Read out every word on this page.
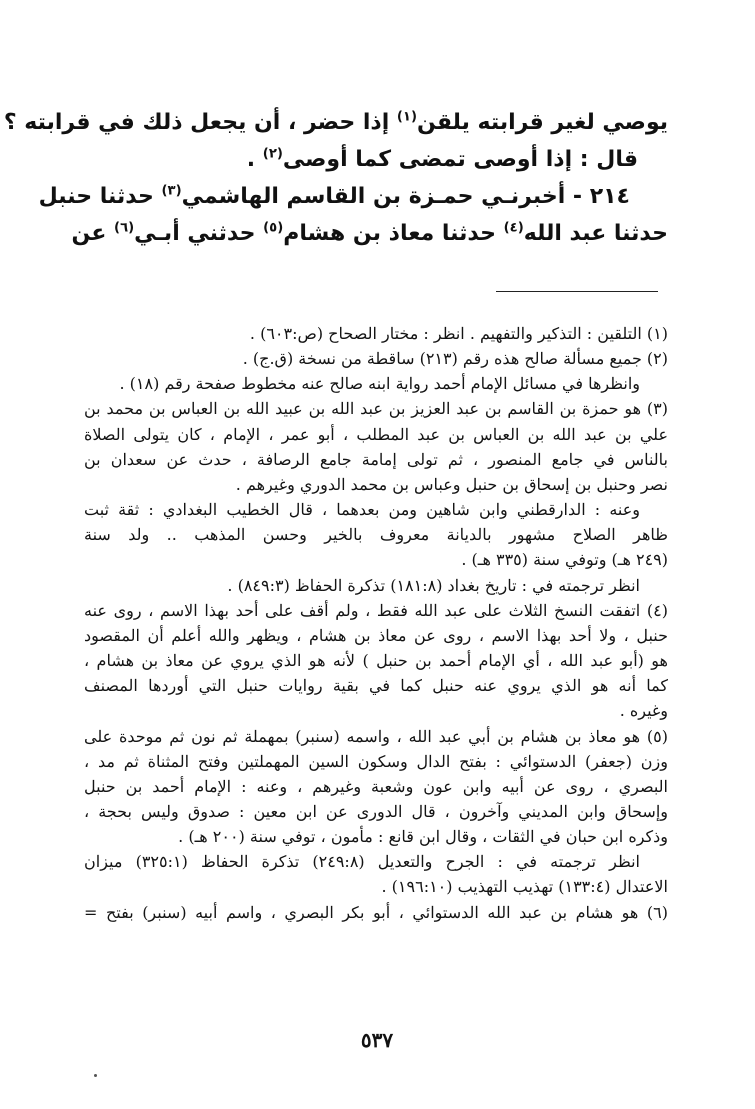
يوصي لغير قرابته يلقن$^{(١)}$ إذا حضر ، أن يجعل ذلك في قرابته ؟

قال : إذا أوصى تمضى كما أوصى$^{(٢)}$ .

٢١٤ - أخبرنـي حمـزة بن القاسم الهاشمي$^{(٣)}$ حدثنا حنبل

حدثنا عبد الله$^{(٤)}$ حدثنا معاذ بن هشام$^{(٥)}$ حدثني أبـي$^{(٦)}$ عن

(١) التلقين : التذكير والتفهيم . انظر : مختار الصحاح (ص:٦٠٣) .

(٢) جميع مسألة صالح هذه رقم (٢١٣) ساقطة من نسخة (ق.ج) .

وانظرها في مسائل الإمام أحمد رواية ابنه صالح عنه مخطوط صفحة رقم (١٨) .

(٣) هو حمزة بن القاسم بن عبد العزيز بن عبد الله بن عبيد الله بن العباس بن محمد بن

علي بن عبد الله بن العباس بن عبد المطلب ، أبو عمر ، الإمام ، كان يتولى الصلاة

بالناس في جامع المنصور ، ثم تولى إمامة جامع الرصافة ، حدث عن سعدان بن

نصر وحنبل بن إسحاق بن حنبل وعباس بن محمد الدوري وغيرهم .

وعنه : الدارقطني وابن شاهين ومن بعدهما ، قال الخطيب البغدادي : ثقة ثبت

ظاهر الصلاح مشهور بالديانة معروف بالخير وحسن المذهب .. ولد سنة

(٢٤٩ هـ) وتوفي سنة (٣٣٥ هـ) .

انظر ترجمته في : تاريخ بغداد (١٨١:٨) تذكرة الحفاظ (٨٤٩:٣) .

(٤) اتفقت النسخ الثلاث على عبد الله فقط ، ولم أقف على أحد بهذا الاسم ، روى عنه

حنبل ، ولا أحد بهذا الاسم ، روى عن معاذ بن هشام ، ويظهر والله أعلم أن المقصود

هو (أبو عبد الله ، أي الإمام أحمد بن حنبل ) لأنه هو الذي يروي عن معاذ بن هشام ،

كما أنه هو الذي يروي عنه حنبل كما في بقية روايات حنبل التي أوردها المصنف

وغيره .

(٥) هو معاذ بن هشام بن أبي عبد الله ، واسمه (سنبر) بمهملة ثم نون ثم موحدة على

وزن (جعفر) الدستوائي : بفتح الدال وسكون السين المهملتين وفتح المثناة ثم مد ،

البصري ، روى عن أبيه وابن عون وشعبة وغيرهم ، وعنه : الإمام أحمد بن حنبل

وإسحاق وابن المديني وآخرون ، قال الدورى عن ابن معين : صدوق وليس بحجة ،

وذكره ابن حبان في الثقات ، وقال ابن قانع : مأمون ، توفي سنة (٢٠٠ هـ) .

انظر ترجمته في : الجرح والتعديل (٢٤٩:٨) تذكرة الحفاظ (٣٢٥:١) ميزان

الاعتدال (١٣٣:٤) تهذيب التهذيب (١٩٦:١٠) .

(٦) هو هشام بن عبد الله الدستوائي ، أبو بكر البصري ، واسم أبيه (سنبر) بفتح =

٥٣٧
